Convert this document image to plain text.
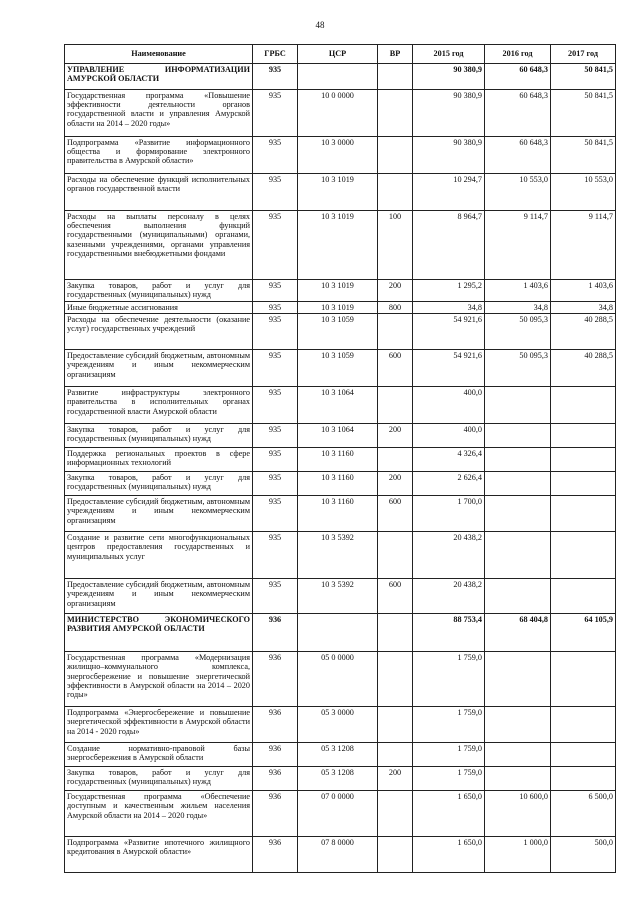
48
Наименование	ГРБС	ЦСР	ВР	2015 год	2016 год	2017 год
УПРАВЛЕНИЕ ИНФОРМАТИЗАЦИИ АМУРСКОЙ ОБЛАСТИ	935			90 380,9	60 648,3	50 841,5
Государственная программа «Повышение эффективности деятельности органов государственной власти и управления Амурской области на 2014 – 2020 годы»	935	10 0 0000		90 380,9	60 648,3	50 841,5
Подпрограмма «Развитие информационного общества и формирование электронного правительства в Амурской области»	935	10 3 0000		90 380,9	60 648,3	50 841,5
Расходы на обеспечение функций исполнительных органов государственной власти	935	10 3 1019		10 294,7	10 553,0	10 553,0
Расходы на выплаты персоналу в целях обеспечения выполнения функций государственными (муниципальными) органами, казенными учреждениями, органами управления государственными внебюджетными фондами	935	10 3 1019	100	8 964,7	9 114,7	9 114,7
Закупка товаров, работ и услуг для государственных (муниципальных) нужд	935	10 3 1019	200	1 295,2	1 403,6	1 403,6
Иные бюджетные ассигнования	935	10 3 1019	800	34,8	34,8	34,8
Расходы на обеспечение деятельности (оказание услуг) государственных учреждений	935	10 3 1059		54 921,6	50 095,3	40 288,5
Предоставление субсидий бюджетным, автономным учреждениям и иным некоммерческим организациям	935	10 3 1059	600	54 921,6	50 095,3	40 288,5
Развитие инфраструктуры электронного правительства в исполнительных органах государственной власти Амурской области	935	10 3 1064		400,0		
Закупка товаров, работ и услуг для государственных (муниципальных) нужд	935	10 3 1064	200	400,0		
Поддержка региональных проектов в сфере информационных технологий	935	10 3 1160		4 326,4		
Закупка товаров, работ и услуг для государственных (муниципальных) нужд	935	10 3 1160	200	2 626,4		
Предоставление субсидий бюджетным, автономным учреждениям и иным некоммерческим организациям	935	10 3 1160	600	1 700,0		
Создание и развитие сети многофункциональных центров предоставления государственных и муниципальных услуг	935	10 3 5392		20 438,2		
Предоставление субсидий бюджетным, автономным учреждениям и иным некоммерческим организациям	935	10 3 5392	600	20 438,2		
МИНИСТЕРСТВО ЭКОНОМИЧЕСКОГО РАЗВИТИЯ АМУРСКОЙ ОБЛАСТИ	936			88 753,4	68 404,8	64 105,9
Государственная программа «Модернизация жилищно–коммунального комплекса, энергосбережение и повышение энергетической эффективности в Амурской области на 2014 – 2020 годы»	936	05 0 0000		1 759,0		
Подпрограмма «Энергосбережение и повышение энергетической эффективности в Амурской области на 2014 - 2020 годы»	936	05 3 0000		1 759,0		
Создание нормативно-правовой базы энергосбережения в Амурской области	936	05 3 1208		1 759,0		
Закупка товаров, работ и услуг для государственных (муниципальных) нужд	936	05 3 1208	200	1 759,0		
Государственная программа «Обеспечение доступным и качественным жильем населения Амурской области на 2014 – 2020 годы»	936	07 0 0000		1 650,0	10 600,0	6 500,0
Подпрограмма «Развитие ипотечного жилищного кредитования в Амурской области»	936	07 8 0000		1 650,0	1 000,0	500,0
